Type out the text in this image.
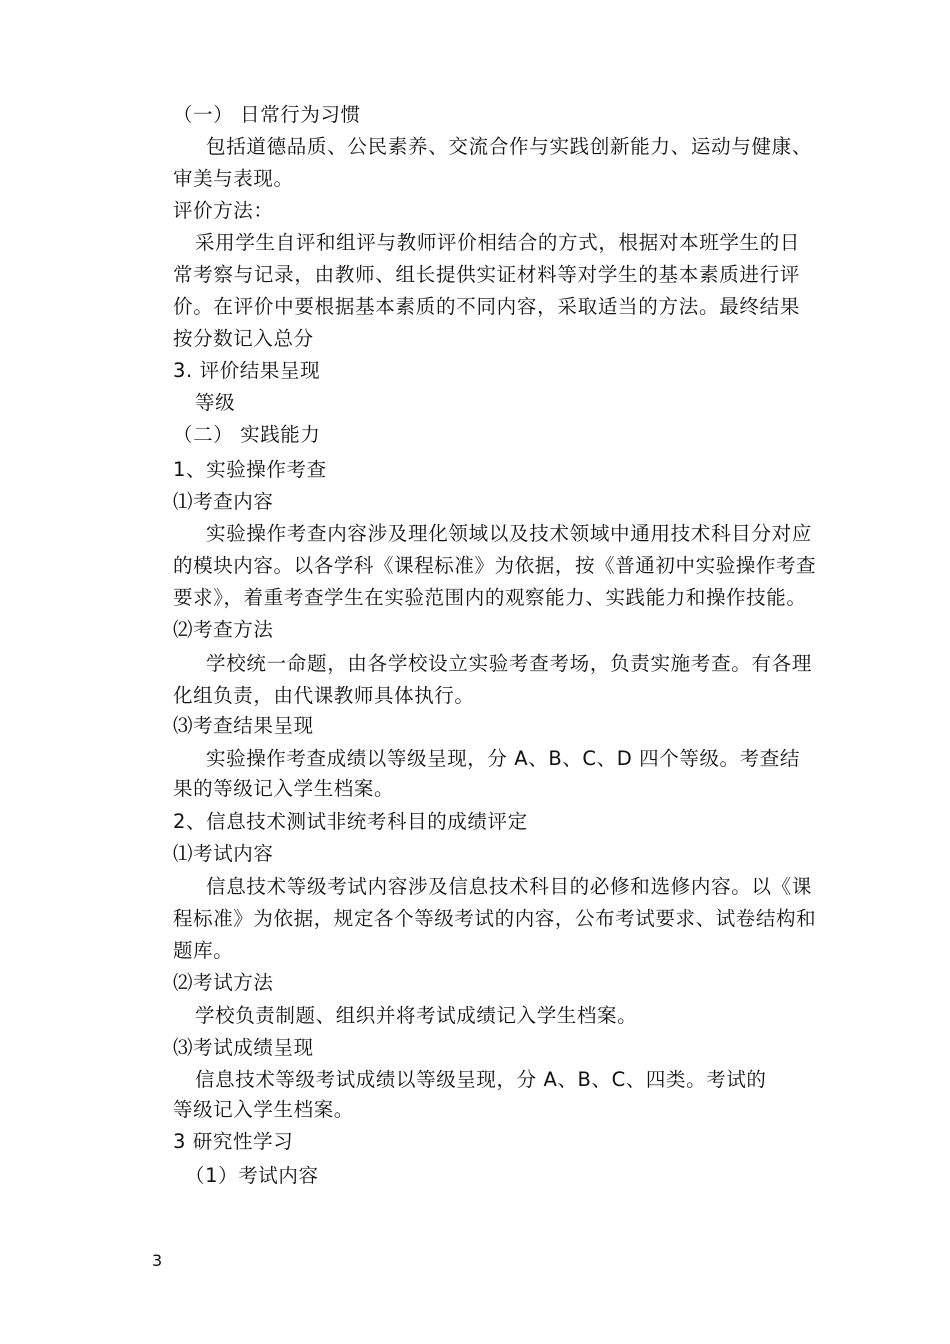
（一） 日常行为习惯
包括道德品质、公民素养、交流合作与实践创新能力、运动与健康、
审美与表现。
评价方法：
采用学生自评和组评与教师评价相结合的方式，根据对本班学生的日
常考察与记录，由教师、组长提供实证材料等对学生的基本素质进行评
价。在评价中要根据基本素质的不同内容，采取适当的方法。最终结果
按分数记入总分
3. 评价结果呈现
等级
（二） 实践能力
1、实验操作考查
⑴考查内容
实验操作考查内容涉及理化领域以及技术领域中通用技术科目分对应
的模块内容。以各学科《课程标准》为依据，按《普通初中实验操作考查
要求》，着重考查学生在实验范围内的观察能力、实践能力和操作技能。
⑵考查方法
学校统一命题，由各学校设立实验考查考场，负责实施考查。有各理
化组负责，由代课教师具体执行。
⑶考查结果呈现
实验操作考查成绩以等级呈现，分 A、B、C、D 四个等级。考查结
果的等级记入学生档案。
2、信息技术测试非统考科目的成绩评定
⑴考试内容
信息技术等级考试内容涉及信息技术科目的必修和选修内容。以《课
程标准》为依据，规定各个等级考试的内容，公布考试要求、试卷结构和
题库。
⑵考试方法
学校负责制题、组织并将考试成绩记入学生档案。
⑶考试成绩呈现
信息技术等级考试成绩以等级呈现，分 A、B、C、四类。考试的
等级记入学生档案。
3 研究性学习
（1）考试内容
3
